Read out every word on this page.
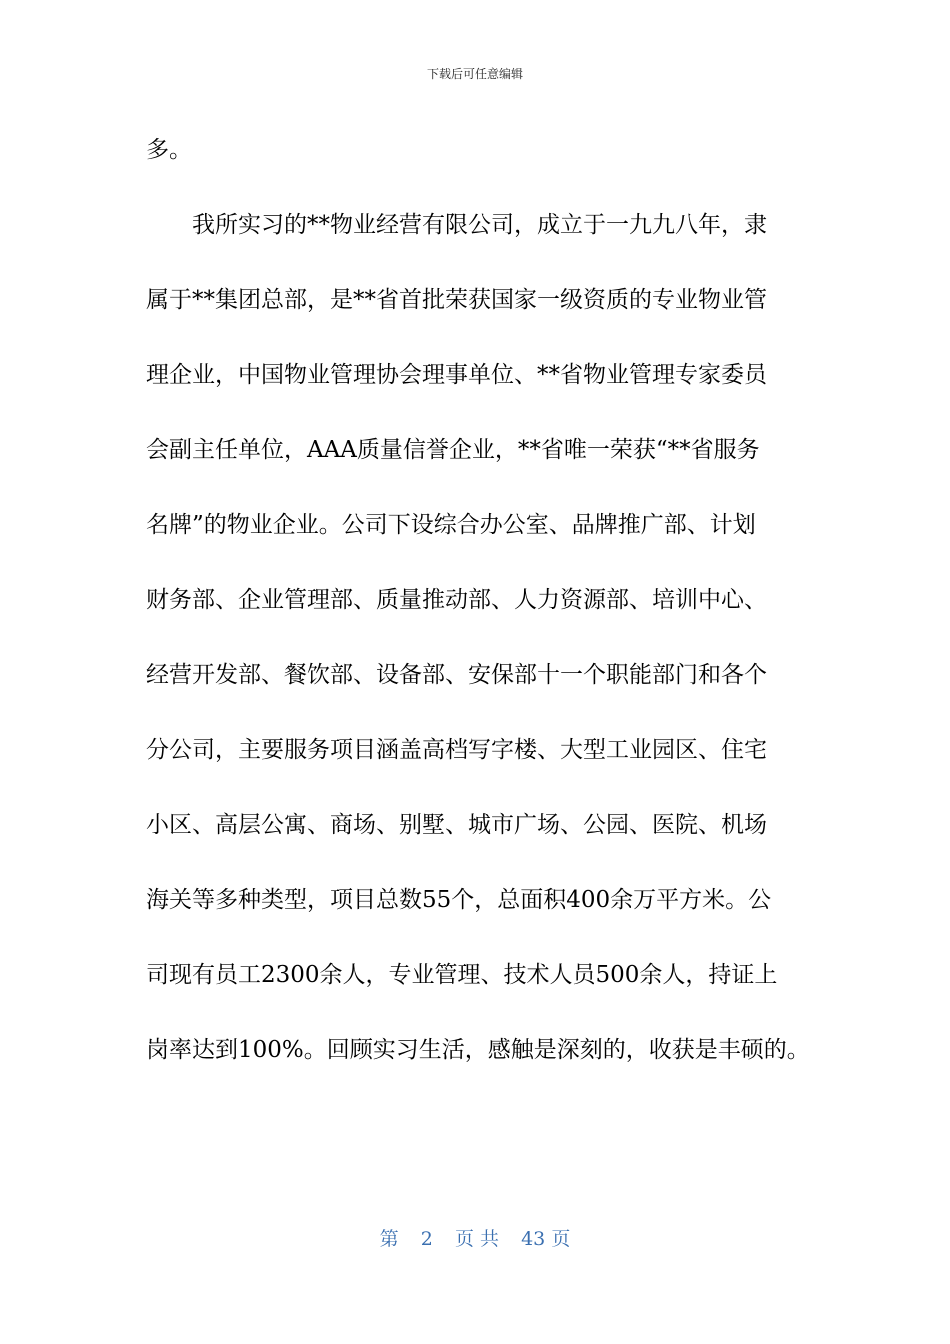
下载后可任意编辑
多。
　　我所实习的**物业经营有限公司，成立于一九九八年，隶
属于**集团总部，是**省首批荣获国家一级资质的专业物业管
理企业，中国物业管理协会理事单位、**省物业管理专家委员
会副主任单位，AAA质量信誉企业，**省唯一荣获“**省服务
名牌”的物业企业。公司下设综合办公室、品牌推广部、计划
财务部、企业管理部、质量推动部、人力资源部、培训中心、
经营开发部、餐饮部、设备部、安保部十一个职能部门和各个
分公司，主要服务项目涵盖高档写字楼、大型工业园区、住宅
小区、高层公寓、商场、别墅、城市广场、公园、医院、机场
海关等多种类型，项目总数55个，总面积400余万平方米。公
司现有员工2300余人，专业管理、技术人员500余人，持证上
岗率达到100%。回顾实习生活，感触是深刻的，收获是丰硕的。
第 2 页 共 43 页
